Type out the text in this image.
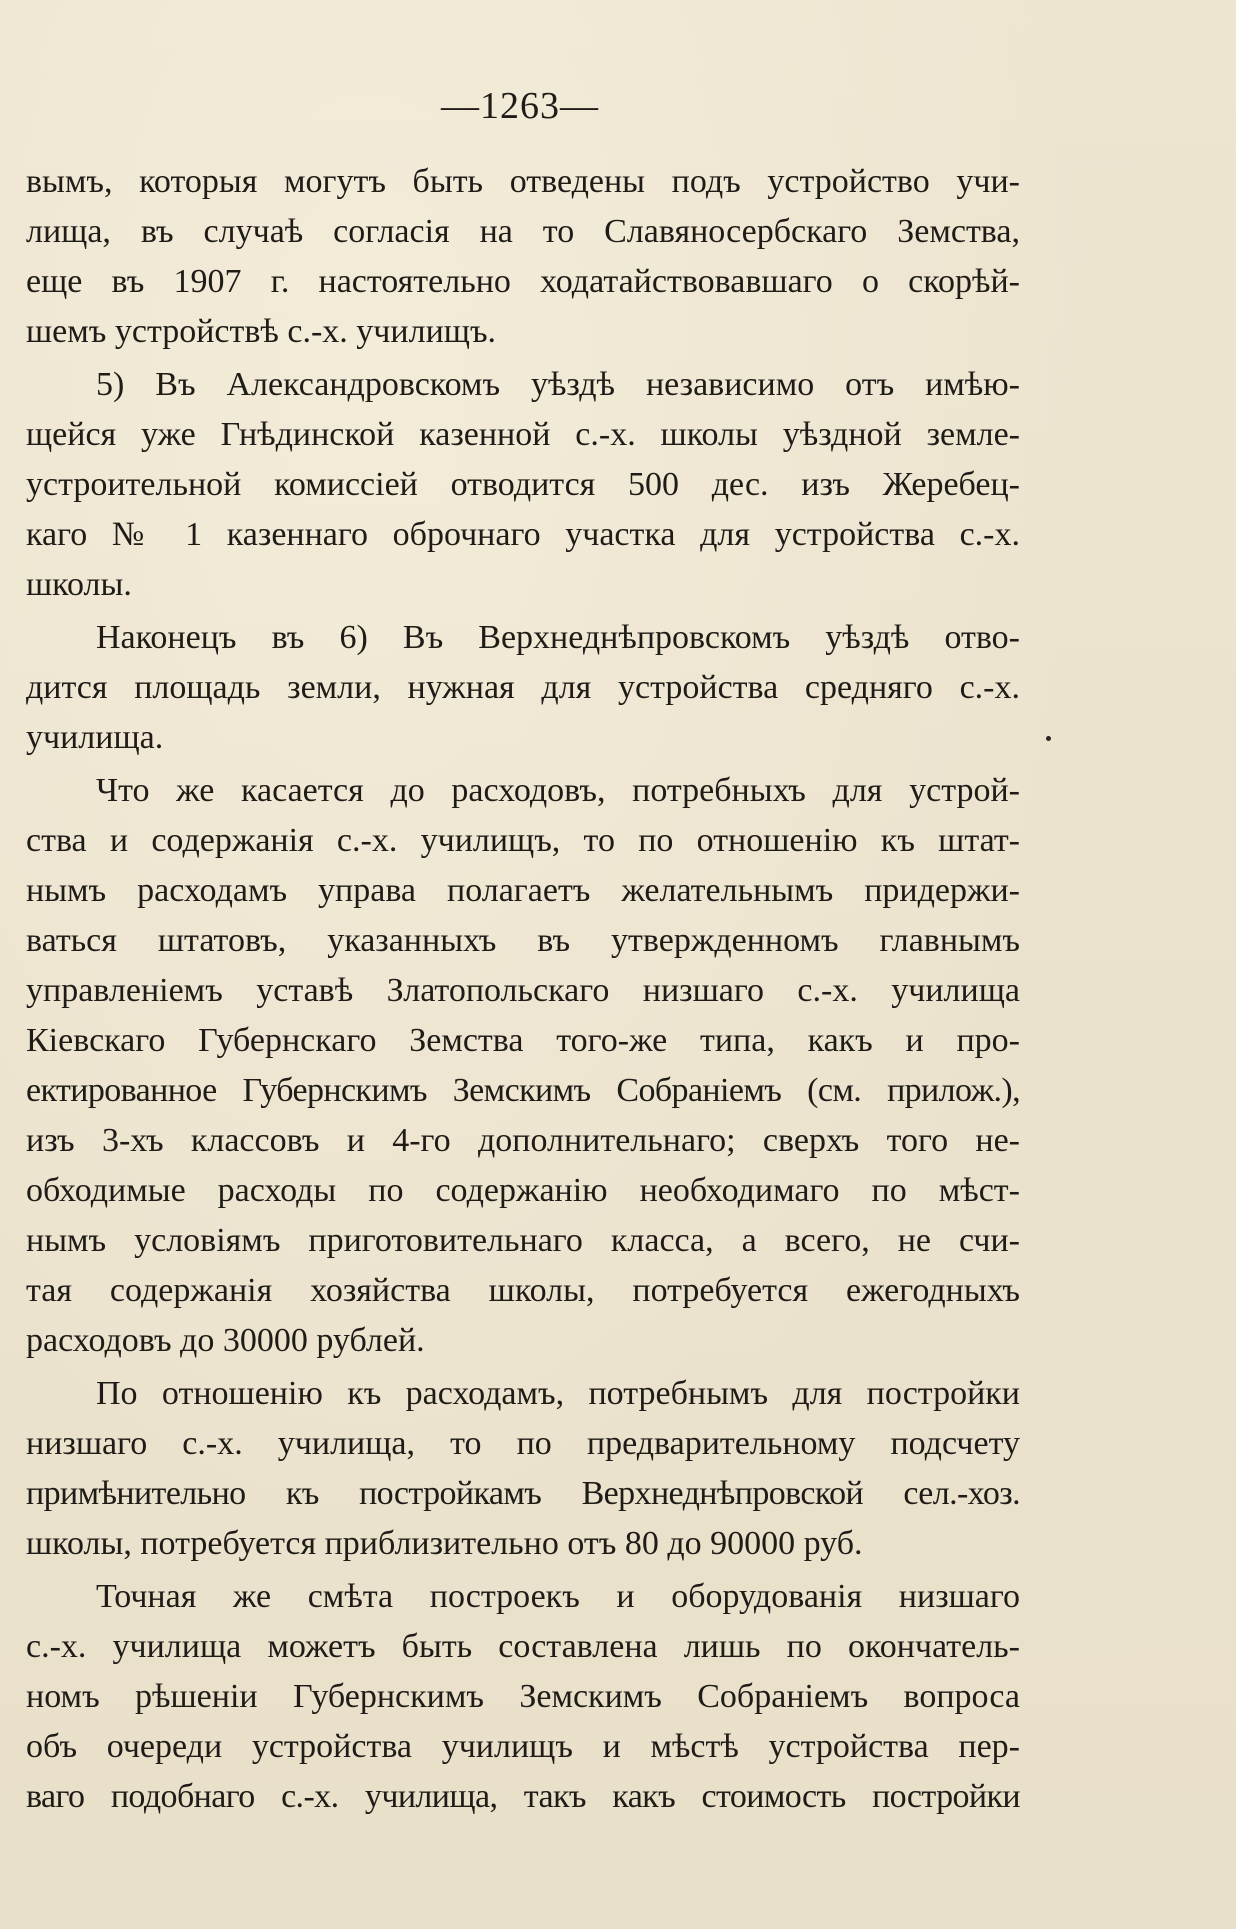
—1263—
вымъ, которыя могутъ быть отведены подъ устройство учи-
лища, въ случаѣ согласія на то Славяносербскаго Земства,
еще въ 1907 г. настоятельно ходатайствовавшаго о скорѣй-
шемъ устройствѣ с.-х. училищъ.
5) Въ Александровскомъ уѣздѣ независимо отъ имѣю-
щейся уже Гнѣдинской казенной с.-х. школы уѣздной земле-
устроительной комиссіей отводится 500 дес. изъ Жеребец-
каго № 1 казеннаго оброчнаго участка для устройства с.-х.
школы.
Наконецъ въ 6) Въ Верхнеднѣпровскомъ уѣздѣ отво-
дится площадь земли, нужная для устройства средняго с.-х.
училища.
Что же касается до расходовъ, потребныхъ для устрой-
ства и содержанія с.-х. училищъ, то по отношенію къ штат-
нымъ расходамъ управа полагаетъ желательнымъ придержи-
ваться штатовъ, указанныхъ въ утвержденномъ главнымъ
управленіемъ уставѣ Златопольскаго низшаго с.-х. училища
Кіевскаго Губернскаго Земства того-же типа, какъ и про-
ектированное Губернскимъ Земскимъ Собраніемъ (см. прилож.),
изъ 3-хъ классовъ и 4-го дополнительнаго; сверхъ того не-
обходимые расходы по содержанію необходимаго по мѣст-
нымъ условіямъ приготовительнаго класса, а всего, не счи-
тая содержанія хозяйства школы, потребуется ежегодныхъ
расходовъ до 30000 рублей.
По отношенію къ расходамъ, потребнымъ для постройки
низшаго с.-х. училища, то по предварительному подсчету
примѣнительно къ постройкамъ Верхнеднѣпровской сел.-хоз.
школы, потребуется приблизительно отъ 80 до 90000 руб.
Точная же смѣта построекъ и оборудованія низшаго
с.-х. училища можетъ быть составлена лишь по окончатель-
номъ рѣшеніи Губернскимъ Земскимъ Собраніемъ вопроса
объ очереди устройства училищъ и мѣстѣ устройства пер-
ваго подобнаго с.-х. училища, такъ какъ стоимость постройки
